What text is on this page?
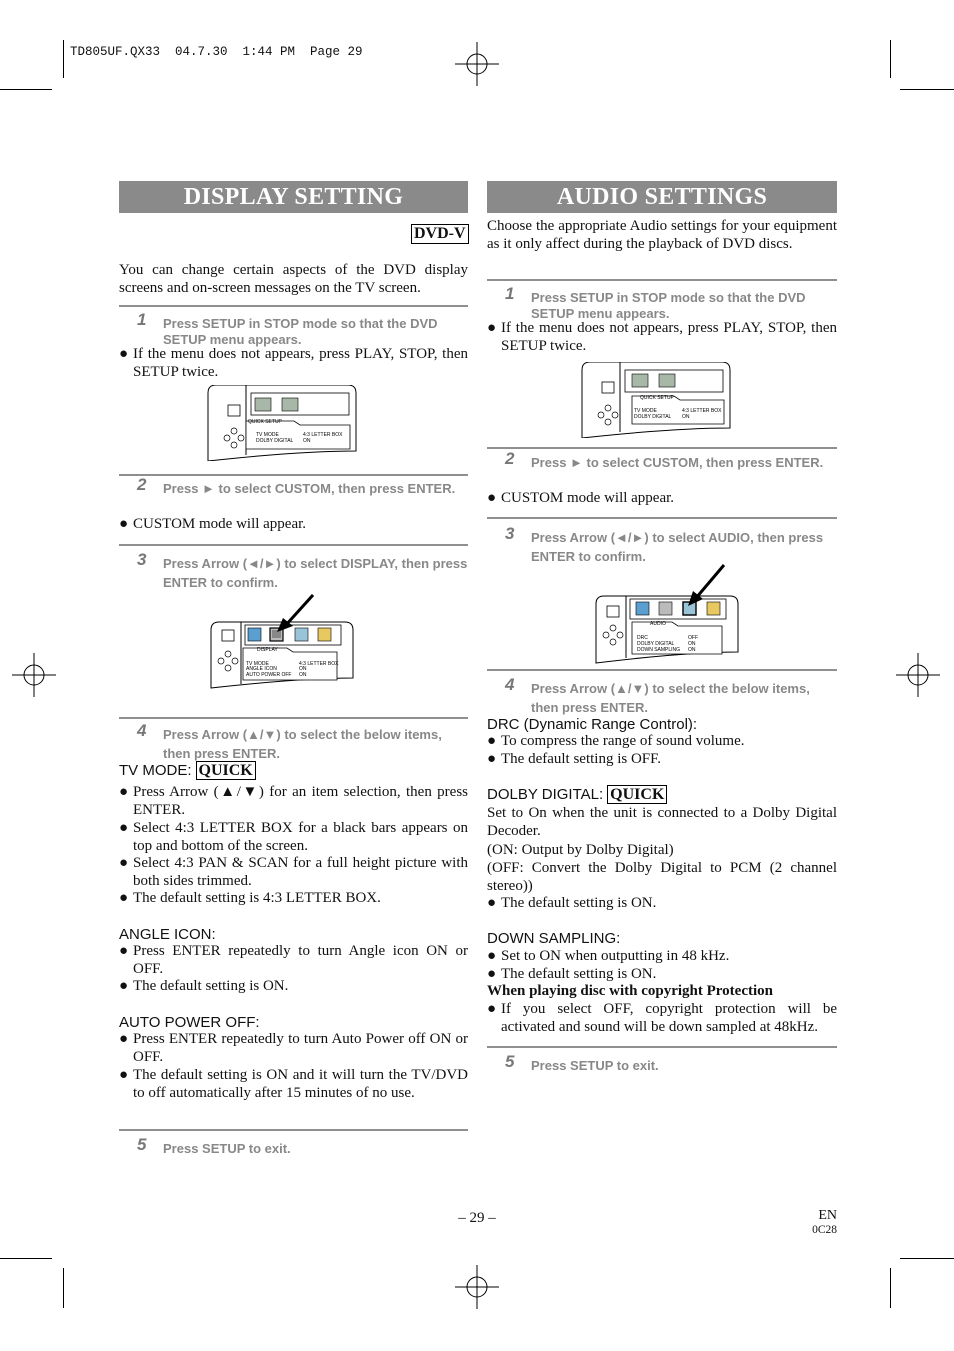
TD805UF.QX33  04.7.30  1:44 PM  Page 29
DISPLAY SETTING
DVD-V
You can change certain aspects of the DVD display screens and on-screen messages on the TV screen.
1 Press SETUP in STOP mode so that the DVD SETUP menu appears.
● If the menu does not appears, press PLAY, STOP, then SETUP twice.
QUICK SETUP
TV MODE	4:3 LETTER BOX
DOLBY DIGITAL ON
2 Press ► to select CUSTOM, then press ENTER.
● CUSTOM mode will appear.
3 Press Arrow (◄/►) to select DISPLAY, then press ENTER to confirm.
DISPLAY
TV MODE	4:3 LETTER BOX
ANGLE ICON	ON
AUTO POWER OFF ON
4 Press Arrow (▲/▼) to select the below items, then press ENTER.
TV MODE: QUICK
● Press Arrow (▲/▼) for an item selection, then press ENTER.
● Select 4:3 LETTER BOX for a black bars appears on top and bottom of the screen.
● Select 4:3 PAN & SCAN for a full height picture with both sides trimmed.
● The default setting is 4:3 LETTER BOX.
ANGLE ICON:
● Press ENTER repeatedly to turn Angle icon ON or OFF.
● The default setting is ON.
AUTO POWER OFF:
● Press ENTER repeatedly to turn Auto Power off ON or OFF.
● The default setting is ON and it will turn the TV/DVD to off automatically after 15 minutes of no use.
5 Press SETUP to exit.
AUDIO SETTINGS
Choose the appropriate Audio settings for your equipment as it only affect during the playback of DVD discs.
1 Press SETUP in STOP mode so that the DVD SETUP menu appears.
● If the menu does not appears, press PLAY, STOP, then SETUP twice.
QUICK SETUP
TV MODE	4:3 LETTER BOX
DOLBY DIGITAL ON
2 Press ► to select CUSTOM, then press ENTER.
● CUSTOM mode will appear.
3 Press Arrow (◄/►) to select AUDIO, then press ENTER to confirm.
AUDIO
DRC	OFF
DOLBY DIGITAL	ON
DOWN SAMPLING ON
4 Press Arrow (▲/▼) to select the below items, then press ENTER.
DRC (Dynamic Range Control):
● To compress the range of sound volume.
● The default setting is OFF.
DOLBY DIGITAL: QUICK
Set to On when the unit is connected to a Dolby Digital Decoder.
(ON: Output by Dolby Digital)
(OFF: Convert the Dolby Digital to PCM (2 channel stereo))
● The default setting is ON.
DOWN SAMPLING:
● Set to ON when outputting in 48 kHz.
● The default setting is ON.
When playing disc with copyright Protection
● If you select OFF, copyright protection will be activated and sound will be down sampled at 48kHz.
5 Press SETUP to exit.
– 29 –	EN
0C28
